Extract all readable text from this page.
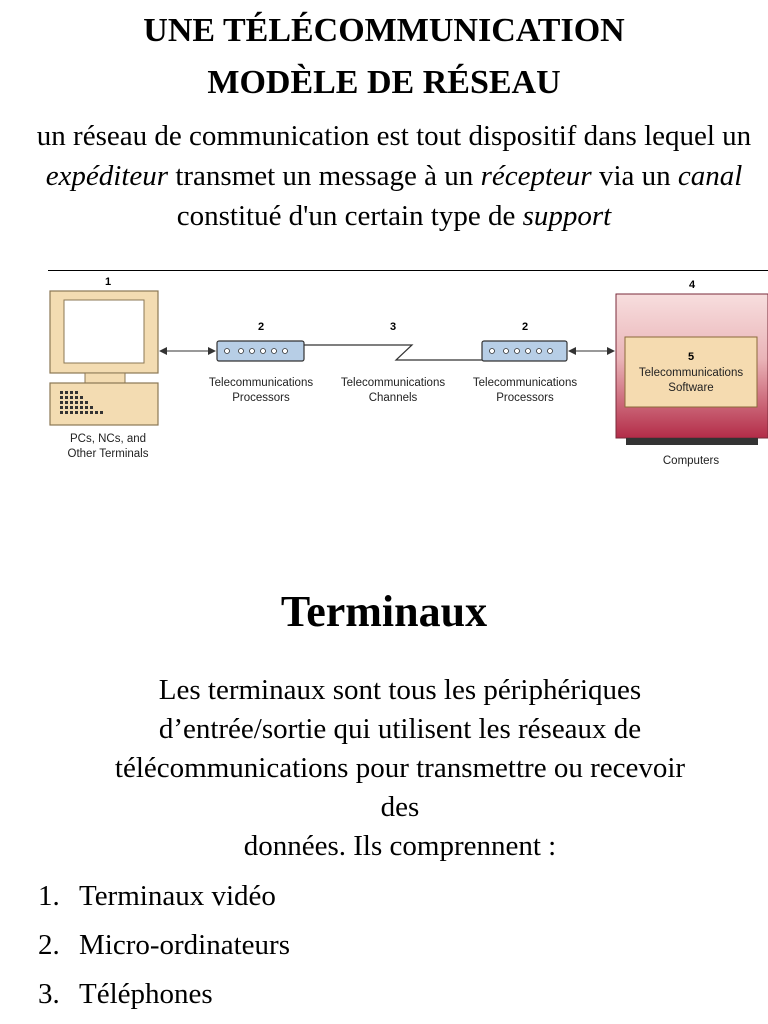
UNE TÉLÉCOMMUNICATION
MODÈLE DE RÉSEAU
un réseau de communication est tout dispositif dans lequel un expéditeur transmet un message à un récepteur via un canal constitué d'un certain type de support
1
PCs, NCs, and
Other Terminals
2
Telecommunications
Processors
3
Telecommunications
Channels
2
Telecommunications
Processors
4
Computers
5
Telecommunications
Software
Terminaux
Les terminaux sont tous les périphériques
d’entrée/sortie qui utilisent les réseaux de
télécommunications pour transmettre ou recevoir
des
données. Ils comprennent :
1. Terminaux vidéo
2. Micro-ordinateurs
3. Téléphones
